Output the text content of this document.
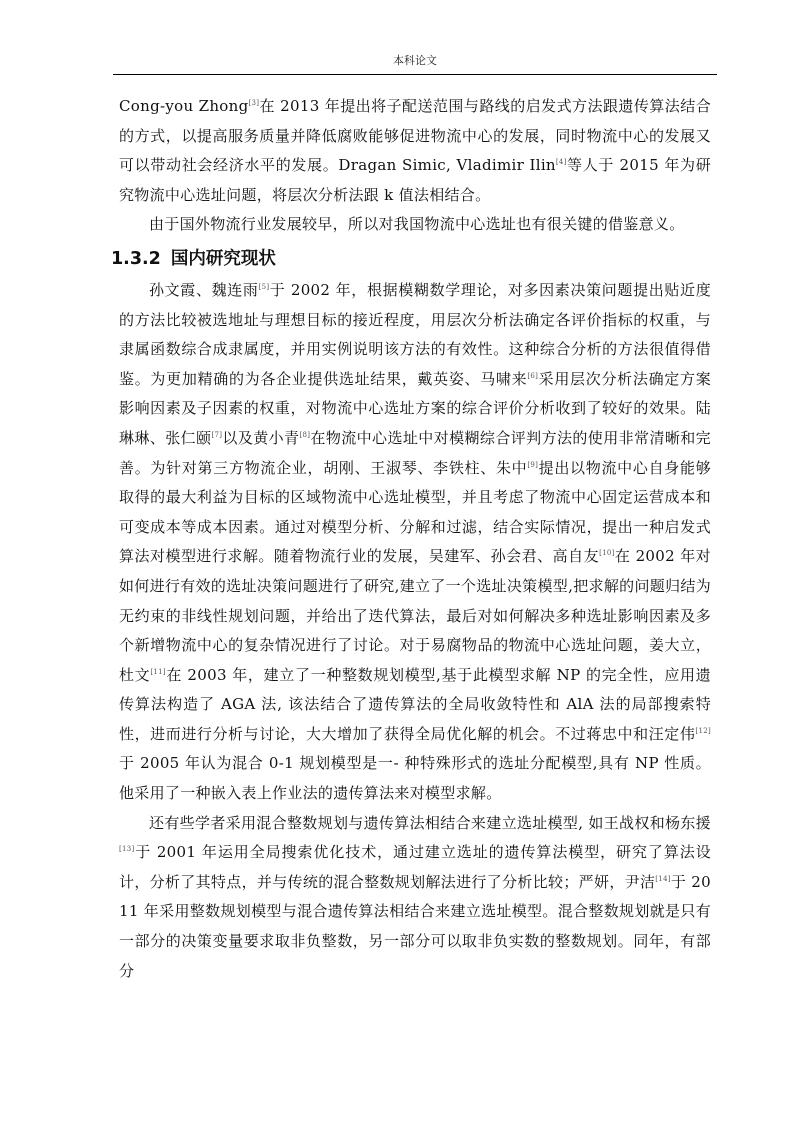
本科论文

Cong-you Zhong[3]在 2013 年提出将子配送范围与路线的启发式方法跟遗传算法结合的方式，以提高服务质量并降低腐败能够促进物流中心的发展，同时物流中心的发展又可以带动社会经济水平的发展。Dragan Simic, Vladimir Ilin[4]等人于 2015 年为研究物流中心选址问题，将层次分析法跟 k 值法相结合。

由于国外物流行业发展较早，所以对我国物流中心选址也有很关键的借鉴意义。

1.3.2 国内研究现状

孙文霞、魏连雨[5]于 2002 年，根据模糊数学理论，对多因素决策问题提出贴近度的方法比较被选地址与理想目标的接近程度，用层次分析法确定各评价指标的权重，与隶属函数综合成隶属度，并用实例说明该方法的有效性。这种综合分析的方法很值得借鉴。为更加精确的为各企业提供选址结果，戴英姿、马啸来[6]采用层次分析法确定方案影响因素及子因素的权重，对物流中心选址方案的综合评价分析收到了较好的效果。陆琳琳、张仁颐[7]以及黄小青[8]在物流中心选址中对模糊综合评判方法的使用非常清晰和完善。为针对第三方物流企业，胡刚、王淑琴、李铁柱、朱中[9]提出以物流中心自身能够取得的最大利益为目标的区域物流中心选址模型，并且考虑了物流中心固定运营成本和可变成本等成本因素。通过对模型分析、分解和过滤，结合实际情况，提出一种启发式算法对模型进行求解。随着物流行业的发展，吴建军、孙会君、高自友[10]在 2002 年对如何进行有效的选址决策问题进行了研究,建立了一个选址决策模型,把求解的问题归结为无约束的非线性规划问题，并给出了迭代算法，最后对如何解决多种选址影响因素及多个新增物流中心的复杂情况进行了讨论。对于易腐物品的物流中心选址问题，姜大立，杜文[11]在 2003 年，建立了一种整数规划模型,基于此模型求解 NP 的完全性，应用遗传算法构造了 AGA 法, 该法结合了遗传算法的全局收敛特性和 AlA 法的局部搜索特性，进而进行分析与讨论，大大增加了获得全局优化解的机会。不过蒋忠中和汪定伟[12]于 2005 年认为混合 0-1 规划模型是一- 种特殊形式的选址分配模型,具有 NP 性质。他采用了一种嵌入表上作业法的遗传算法来对模型求解。

还有些学者采用混合整数规划与遗传算法相结合来建立选址模型, 如王战权和杨东援[13]于 2001 年运用全局搜索优化技术，通过建立选址的遗传算法模型，研究了算法设计，分析了其特点，并与传统的混合整数规划解法进行了分析比较；严妍，尹洁[14]于 2011 年采用整数规划模型与混合遗传算法相结合来建立选址模型。混合整数规划就是只有一部分的决策变量要求取非负整数，另一部分可以取非负实数的整数规划。同年，有部分
